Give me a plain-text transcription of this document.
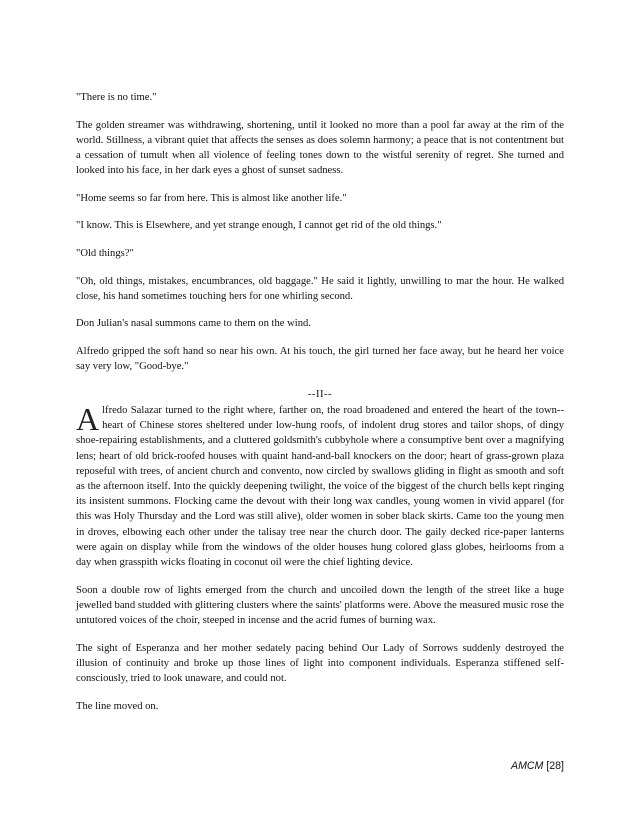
"There is no time."

The golden streamer was withdrawing, shortening, until it looked no more than a pool far away at the rim of the world. Stillness, a vibrant quiet that affects the senses as does solemn harmony; a peace that is not contentment but a cessation of tumult when all violence of feeling tones down to the wistful serenity of regret. She turned and looked into his face, in her dark eyes a ghost of sunset sadness.

"Home seems so far from here. This is almost like another life."

"I know. This is Elsewhere, and yet strange enough, I cannot get rid of the old things."

"Old things?"

"Oh, old things, mistakes, encumbrances, old baggage." He said it lightly, unwilling to mar the hour. He walked close, his hand sometimes touching hers for one whirling second.

Don Julian's nasal summons came to them on the wind.

Alfredo gripped the soft hand so near his own. At his touch, the girl turned her face away, but he heard her voice say very low, "Good-bye."

--II--

Alfredo Salazar turned to the right where, farther on, the road broadened and entered the heart of the town--heart of Chinese stores sheltered under low-hung roofs, of indolent drug stores and tailor shops, of dingy shoe-repairing establishments, and a cluttered goldsmith's cubbyhole where a consumptive bent over a magnifying lens; heart of old brick-roofed houses with quaint hand-and-ball knockers on the door; heart of grass-grown plaza reposeful with trees, of ancient church and convento, now circled by swallows gliding in flight as smooth and soft as the afternoon itself. Into the quickly deepening twilight, the voice of the biggest of the church bells kept ringing its insistent summons. Flocking came the devout with their long wax candles, young women in vivid apparel (for this was Holy Thursday and the Lord was still alive), older women in sober black skirts. Came too the young men in droves, elbowing each other under the talisay tree near the church door. The gaily decked rice-paper lanterns were again on display while from the windows of the older houses hung colored glass globes, heirlooms from a day when grasspith wicks floating in coconut oil were the chief lighting device.

Soon a double row of lights emerged from the church and uncoiled down the length of the street like a huge jewelled band studded with glittering clusters where the saints' platforms were. Above the measured music rose the untutored voices of the choir, steeped in incense and the acrid fumes of burning wax.

The sight of Esperanza and her mother sedately pacing behind Our Lady of Sorrows suddenly destroyed the illusion of continuity and broke up those lines of light into component individuals. Esperanza stiffened self-consciously, tried to look unaware, and could not.

The line moved on.

AMCM [28]
